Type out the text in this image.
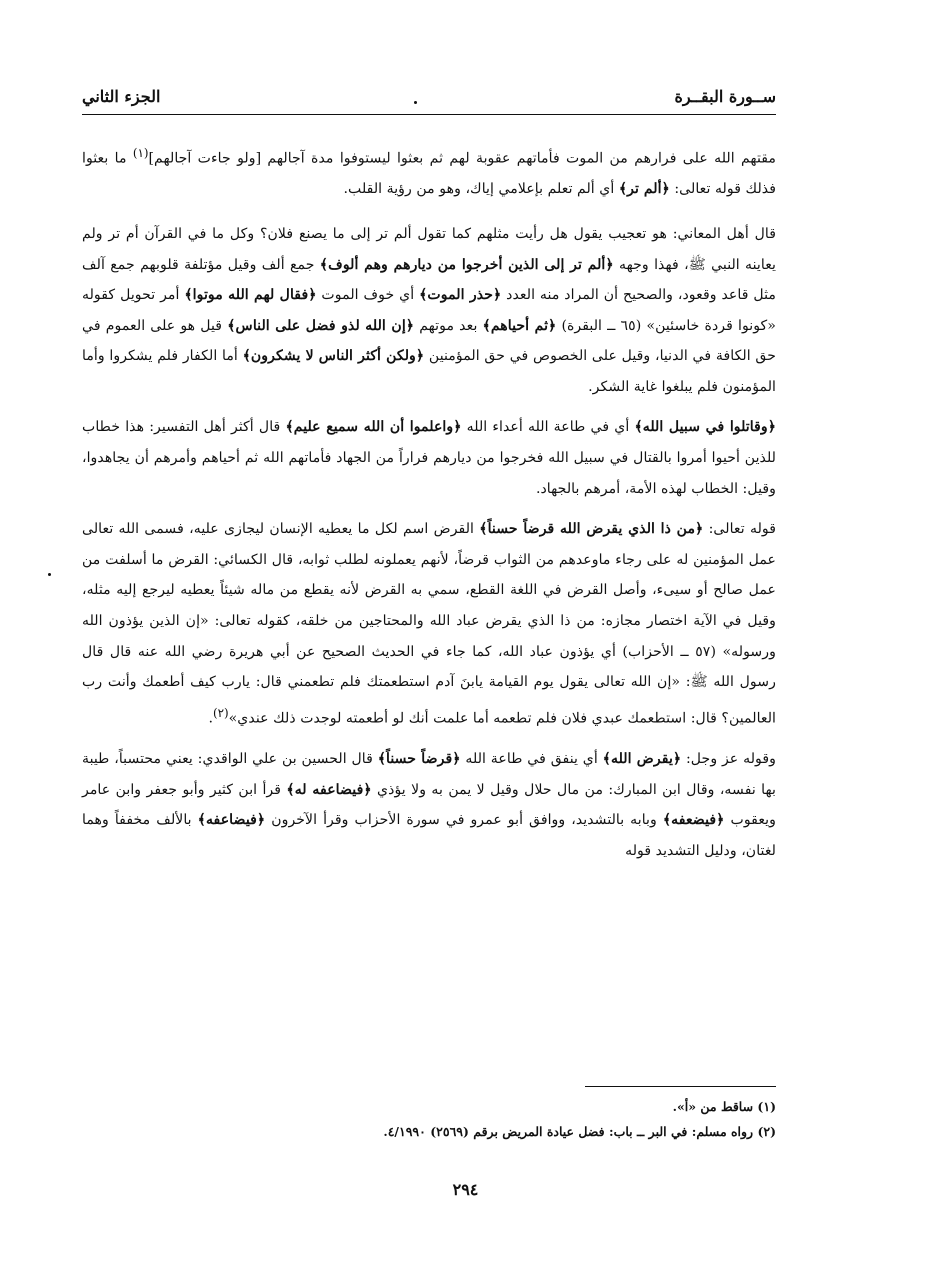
ســورة البقــرة
الجزء الثاني

مقتهم الله على فرارهم من الموت فأماتهم عقوبة لهم ثم بعثوا ليستوفوا مدة آجالهم [ولو جاءت آجالهم]$^{(١)}$ ما بعثوا فذلك قوله تعالى: ﴿ألم تر﴾ أي ألم تعلم بإعلامي إياك، وهو من رؤية القلب.

قال أهل المعاني: هو تعجيب يقول هل رأيت مثلهم كما تقول ألم تر إلى ما يصنع فلان؟ وكل ما في القرآن أم تر ولم يعاينه النبي ﷺ، فهذا وجهه ﴿ألم تر إلى الذين أخرجوا من ديارهم وهم ألوف﴾ جمع ألف وقيل مؤتلفة قلوبهم جمع آلف مثل قاعد وقعود، والصحيح أن المراد منه العدد ﴿حذر الموت﴾ أي خوف الموت ﴿فقال لهم الله موتوا﴾ أمر تحويل كقوله «كونوا قردة خاسئين» (٦٥ ــ البقرة) ﴿ثم أحياهم﴾ بعد موتهم ﴿إن الله لذو فضل على الناس﴾ قيل هو على العموم في حق الكافة في الدنيا، وقيل على الخصوص في حق المؤمنين ﴿ولكن أكثر الناس لا يشكرون﴾ أما الكفار فلم يشكروا وأما المؤمنون فلم يبلغوا غاية الشكر.

﴿وقاتلوا في سبيل الله﴾ أي في طاعة الله أعداء الله ﴿واعلموا أن الله سميع عليم﴾ قال أكثر أهل التفسير: هذا خطاب للذين أحيوا أمروا بالقتال في سبيل الله فخرجوا من ديارهم فراراً من الجهاد فأماتهم الله ثم أحياهم وأمرهم أن يجاهدوا، وقيل: الخطاب لهذه الأمة، أمرهم بالجهاد.

قوله تعالى: ﴿من ذا الذي يقرض الله قرضاً حسناً﴾ القرض اسم لكل ما يعطيه الإنسان ليجازى عليه، فسمى الله تعالى عمل المؤمنين له على رجاء ماوعدهم من الثواب قرضاً، لأنهم يعملونه لطلب ثوابه، قال الكسائي: القرض ما أسلفت من عمل صالح أو سيىء، وأصل القرض في اللغة القطع، سمي به القرض لأنه يقطع من ماله شيئاً يعطيه ليرجع إليه مثله، وقيل في الآية اختصار مجازه: من ذا الذي يقرض عباد الله والمحتاجين من خلقه، كقوله تعالى: «إن الذين يؤذون الله ورسوله» (٥٧ ــ الأحزاب) أي يؤذون عباد الله، كما جاء في الحديث الصحيح عن أبي هريرة رضي الله عنه قال قال رسول الله ﷺ: «إن الله تعالى يقول يوم القيامة يابنَ آدم استطعمتك فلم تطعمني قال: يارب كيف أطعمك وأنت رب العالمين؟ قال: استطعمك عبدي فلان فلم تطعمه أما علمت أنك لو أطعمته لوجدت ذلك عندي»$^{(٢)}$.

وقوله عز وجل: ﴿يقرض الله﴾ أي ينفق في طاعة الله ﴿قرضاً حسناً﴾ قال الحسين بن علي الواقدي: يعني محتسباً، طيبة بها نفسه، وقال ابن المبارك: من مال حلال وقيل لا يمن به ولا يؤذي ﴿فيضاعفه له﴾ قرأ ابن كثير وأبو جعفر وابن عامر ويعقوب ﴿فيضعفه﴾ وبابه بالتشديد، ووافق أبو عمرو في سورة الأحزاب وقرأ الآخرون ﴿فيضاعفه﴾ بالألف مخففاً وهما لغتان، ودليل التشديد قوله

(١) ساقط من «أ».
(٢) رواه مسلم: في البر ــ باب: فضل عيادة المريض برقم (٢٥٦٩) ٤/١٩٩٠.
٢٩٤
